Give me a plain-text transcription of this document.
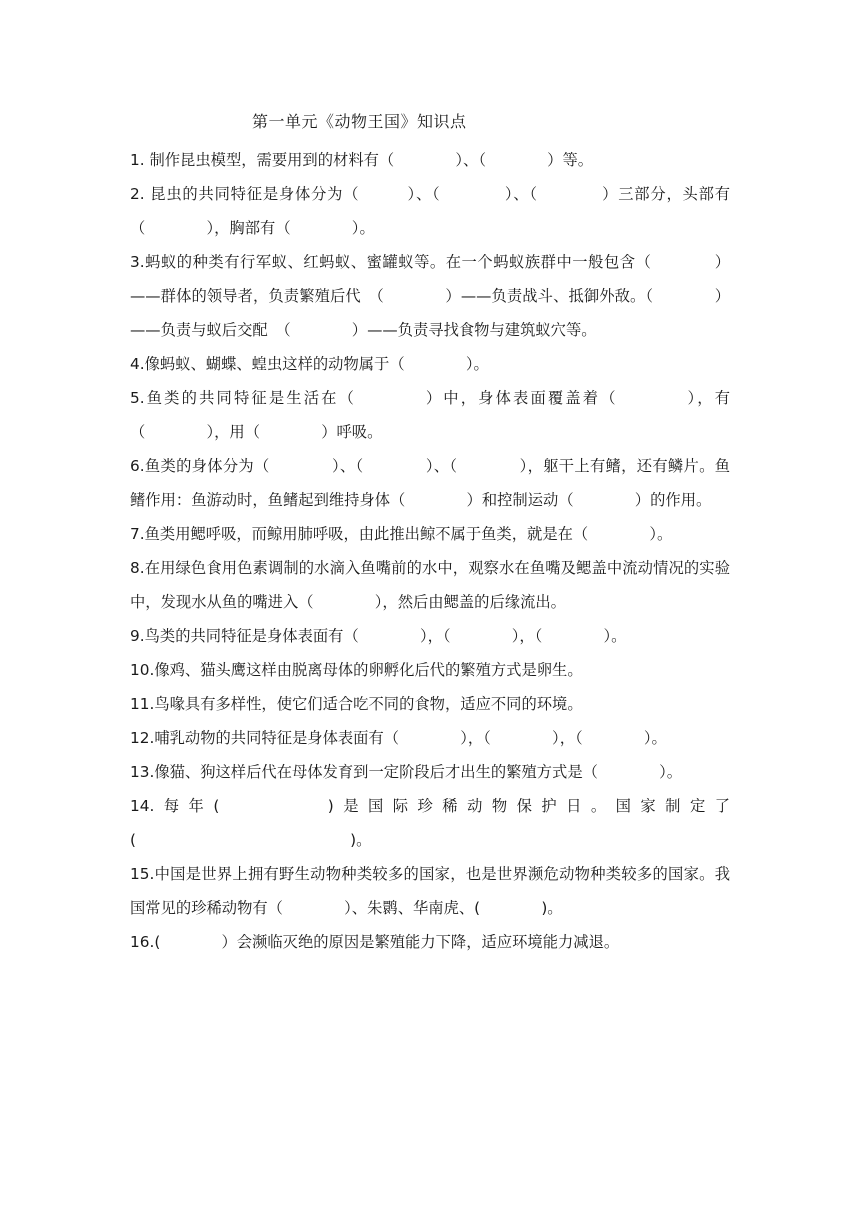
第一单元《动物王国》知识点

1. 制作昆虫模型，需要用到的材料有（　　　　）、（　　　　）等。

2. 昆虫的共同特征是身体分为（　　　）、（　　　　）、（　　　　）三部分，头部有（　　　　），胸部有（　　　　）。

3.蚂蚁的种类有行军蚁、红蚂蚁、蜜罐蚁等。在一个蚂蚁族群中一般包含（　　　　）——群体的领导者，负责繁殖后代　（　　　　）——负责战斗、抵御外敌。（　　　　）——负责与蚁后交配　（　　　　）——负责寻找食物与建筑蚁穴等。

4.像蚂蚁、蝴蝶、蝗虫这样的动物属于（　　　　）。

5.鱼类的共同特征是生活在（　　　　）中，身体表面覆盖着（　　　　），有（　　　　），用（　　　　）呼吸。

6.鱼类的身体分为（　　　　）、（　　　　）、（　　　　），躯干上有鳍，还有鳞片。鱼鳍作用：鱼游动时，鱼鳍起到维持身体（　　　　）和控制运动（　　　　）的作用。

7.鱼类用鳃呼吸，而鲸用肺呼吸，由此推出鲸不属于鱼类，就是在（　　　　）。

8.在用绿色食用色素调制的水滴入鱼嘴前的水中，观察水在鱼嘴及鳃盖中流动情况的实验中，发现水从鱼的嘴进入（　　　　），然后由鳃盖的后缘流出。

9.鸟类的共同特征是身体表面有（　　　　），（　　　　），（　　　　）。

10.像鸡、猫头鹰这样由脱离母体的卵孵化后代的繁殖方式是卵生。

11.鸟喙具有多样性，使它们适合吃不同的食物，适应不同的环境。

12.哺乳动物的共同特征是身体表面有（　　　　），（　　　　），（　　　　）。

13.像猫、狗这样后代在母体发育到一定阶段后才出生的繁殖方式是（　　　　）。

14.每年(　　　　)是国际珍稀动物保护日。国家制定了(　　　　　　　　　　　　　　)。

15.中国是世界上拥有野生动物种类较多的国家，也是世界濒危动物种类较多的国家。我国常见的珍稀动物有（　　　　）、朱鹮、华南虎、(　　　　)。

16.(　　　　）会濒临灭绝的原因是繁殖能力下降，适应环境能力减退。
